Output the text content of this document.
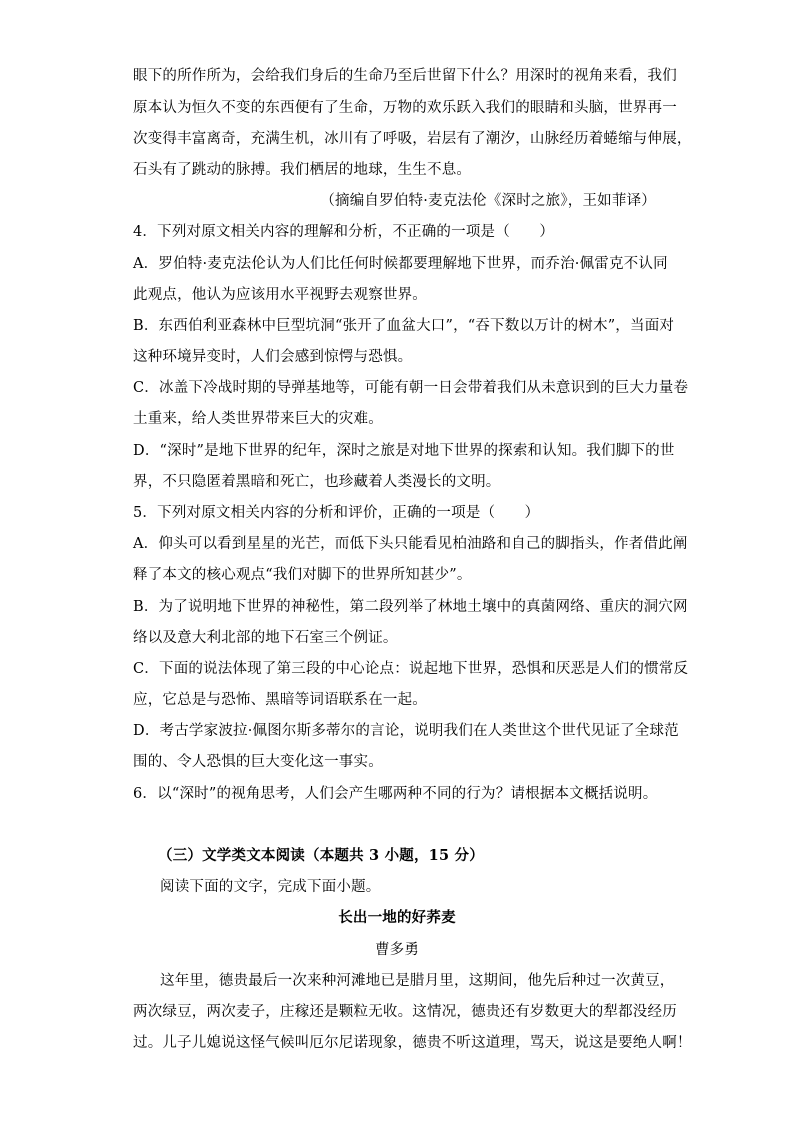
眼下的所作所为，会给我们身后的生命乃至后世留下什么？用深时的视角来看，我们
原本认为恒久不变的东西便有了生命，万物的欢乐跃入我们的眼睛和头脑，世界再一
次变得丰富离奇，充满生机，冰川有了呼吸，岩层有了潮汐，山脉经历着蜷缩与伸展，
石头有了跳动的脉搏。我们栖居的地球，生生不息。
（摘编自罗伯特·麦克法伦《深时之旅》，王如菲译）
4．下列对原文相关内容的理解和分析，不正确的一项是（　　）
A．罗伯特·麦克法伦认为人们比任何时候都要理解地下世界，而乔治·佩雷克不认同
此观点，他认为应该用水平视野去观察世界。
B．东西伯利亚森林中巨型坑洞“张开了血盆大口”，“吞下数以万计的树木”，当面对
这种环境异变时，人们会感到惊愕与恐惧。
C．冰盖下冷战时期的导弹基地等，可能有朝一日会带着我们从未意识到的巨大力量卷
土重来，给人类世界带来巨大的灾难。
D．“深时”是地下世界的纪年，深时之旅是对地下世界的探索和认知。我们脚下的世
界，不只隐匿着黑暗和死亡，也珍藏着人类漫长的文明。
5．下列对原文相关内容的分析和评价，正确的一项是（　　）
A．仰头可以看到星星的光芒，而低下头只能看见柏油路和自己的脚指头，作者借此阐
释了本文的核心观点“我们对脚下的世界所知甚少”。
B．为了说明地下世界的神秘性，第二段列举了林地土壤中的真菌网络、重庆的洞穴网
络以及意大利北部的地下石室三个例证。
C．下面的说法体现了第三段的中心论点：说起地下世界，恐惧和厌恶是人们的惯常反
应，它总是与恐怖、黑暗等词语联系在一起。
D．考古学家波拉·佩图尔斯多蒂尔的言论，说明我们在人类世这个世代见证了全球范
围的、令人恐惧的巨大变化这一事实。
6．以“深时”的视角思考，人们会产生哪两种不同的行为？请根据本文概括说明。
（三）文学类文本阅读（本题共 3 小题，15 分）
阅读下面的文字，完成下面小题。
长出一地的好荞麦
曹多勇
这年里，德贵最后一次来种河滩地已是腊月里，这期间，他先后种过一次黄豆，
两次绿豆，两次麦子，庄稼还是颗粒无收。这情况，德贵还有岁数更大的犁都没经历
过。儿子儿媳说这怪气候叫厄尔尼诺现象，德贵不听这道理，骂天，说这是要绝人啊！
